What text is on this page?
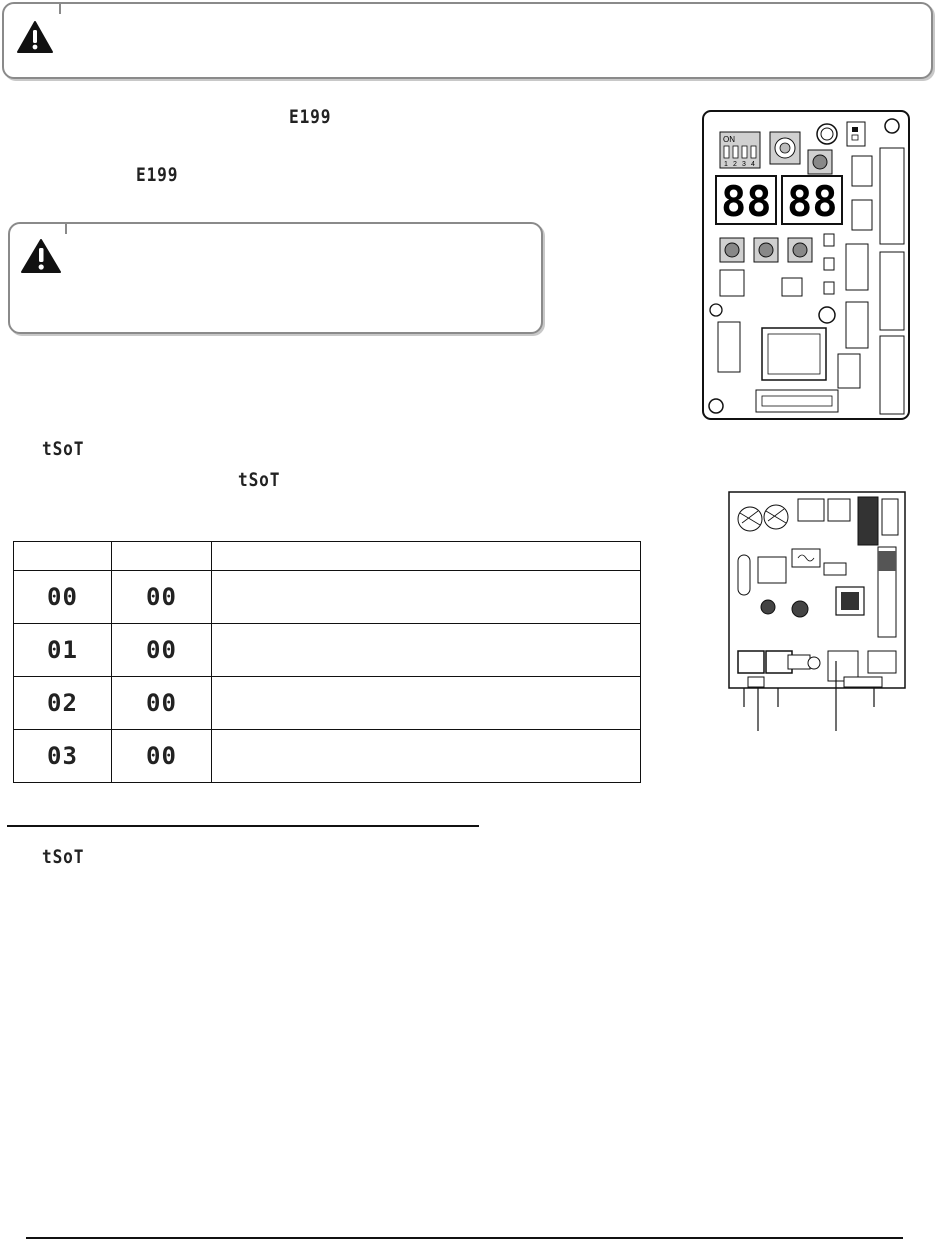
E199
E199
tSoT
tSoT
ON
1 2 3 4
88 88

00	00	
01	00	
02	00	
03	00	
tSoT
